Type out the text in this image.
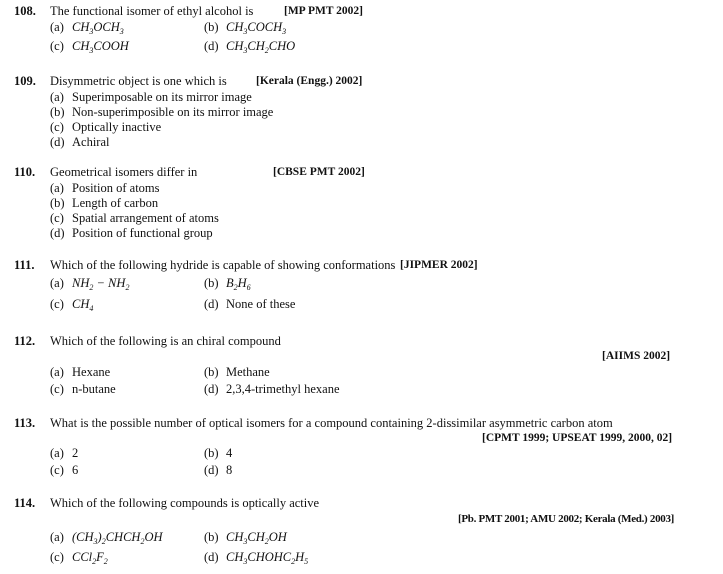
108. The functional isomer of ethyl alcohol is	[MP PMT 2002]
(a) $CH_3OCH_3$	(b) $CH_3COCH_3$
(c) $CH_3COOH$	(d) $CH_3CH_2CHO$
109. Disymmetric object is one which is	[Kerala (Engg.) 2002]
(a) Superimposable on its mirror image
(b) Non-superimposible on its mirror image
(c) Optically inactive
(d) Achiral
110. Geometrical isomers differ in	[CBSE PMT 2002]
(a) Position of atoms
(b) Length of carbon
(c) Spatial arrangement of atoms
(d) Position of functional group
111. Which of the following hydride is capable of showing conformations [JIPMER 2002]
(a) $NH_2 - NH_2$	(b) $B_2H_6$
(c) $CH_4$	(d) None of these
112. Which of the following is an chiral compound
[AIIMS 2002]
(a) Hexane	(b) Methane
(c) n-butane	(d) 2,3,4-trimethyl hexane
113. What is the possible number of optical isomers for a compound containing 2-dissimilar asymmetric carbon atom
[CPMT 1999; UPSEAT 1999, 2000, 02]
(a) 2	(b) 4
(c) 6	(d) 8
114. Which of the following compounds is optically active
[Pb. PMT 2001; AMU 2002; Kerala (Med.) 2003]
(a) $(CH_3)_2CHCH_2OH$	(b) $CH_3CH_2OH$
(c) $CCl_2F_2$	(d) $CH_3CHOHC_2H_5$
